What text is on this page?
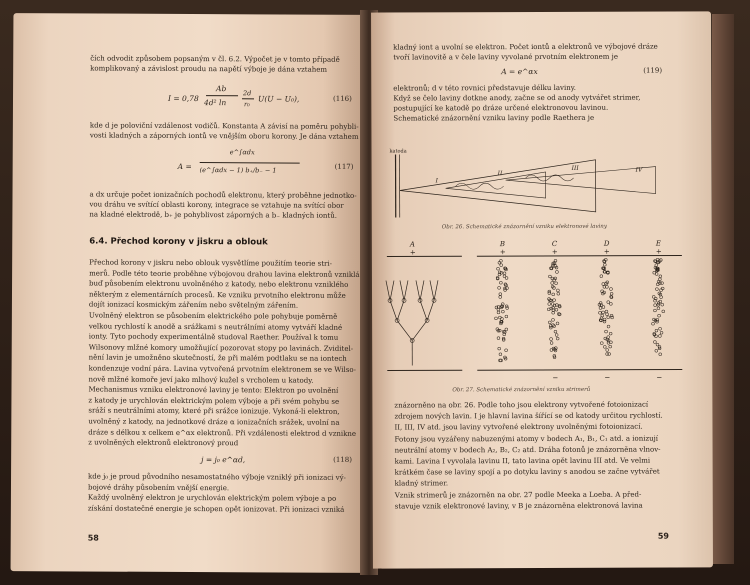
čích odvodit způsobem popsaným v čl. 6.2. Výpočet je v tomto případě
komplikovaný a závislost proudu na napětí výboje je dána vztahem
I = 0,78
Ab
4d² ln
2d
r₀
U(U − U₀),	(116)
kde d je poloviční vzdálenost vodičů. Konstanta A závisí na poměru pohybli-
vosti kladných a záporných iontů ve vnějším oboru korony. Je dána vztahem
A =
e^∫αdx
(e^∫αdx − 1) b₊/b₋ − 1	(117)
a dx určuje počet ionizačních pochodů elektronu, který proběhne jednotko-
vou dráhu ve svítící oblasti korony, integrace se vztahuje na svítící obor
na kladné elektrodě, b₊ je pohyblivost záporných a b₋ kladných iontů.
6.4. Přechod korony v jiskru a oblouk
Přechod korony v jiskru nebo oblouk vysvětlíme použitím teorie stri-
merů. Podle této teorie proběhne výbojovou drahou lavina elektronů vzniklá
buď působením elektronu uvolněného z katody, nebo elektronu vzniklého
některým z elementárních procesů. Ke vzniku prvotního elektronu může
dojít ionizací kosmickým zářením nebo světelným zářením.
Uvolněný elektron se působením elektrického pole pohybuje poměrně
velkou rychlostí k anodě a srážkami s neutrálními atomy vytváří kladné
ionty. Tyto pochody experimentálně studoval Raether. Používal k tomu
Wilsonovy mlžné komory umožňující pozorovat stopy po lavinách. Zviditel-
nění lavin je umožněno skutečností, že při malém podtlaku se na iontech
kondenzuje vodní pára. Lavina vytvořená prvotním elektronem se ve Wilso-
nově mlžné komoře jeví jako mlhový kužel s vrcholem u katody.
Mechanismus vzniku elektronové laviny je tento: Elektron po uvolnění
z katody je urychlován elektrickým polem výboje a při svém pohybu se
sráží s neutrálními atomy, které při srážce ionizuje. Vykoná-li elektron,
uvolněný z katody, na jednotkové dráze α ionizačních srážek, uvolní na
dráze s délkou x celkem e^αx elektronů. Při vzdálenosti elektrod d vznikne
z uvolněných elektronů elektronový proud
j = j₀ e^αd,	(118)
kde j₀ je proud původního nesamostatného výboje vzniklý při ionizaci vý-
bojové dráhy působením vnější energie.
Každý uvolněný elektron je urychlován elektrickým polem výboje a po
získání dostatečné energie je schopen opět ionizovat. Při ionizaci vzniká
58
kladný iont a uvolní se elektron. Počet iontů a elektronů ve výbojové dráze
tvoří lavinovitě a v čele laviny vyvolané prvotním elektronem je
A = e^αx	(119)
elektronů; d v této rovnici představuje délku laviny.
Když se čelo laviny dotkne anody, začne se od anody vytvářet strimer,
postupující ke katodě po dráze určené elektronovou lavinou.
Schematické znázornění vzniku laviny podle Raethera je
katoda
I
II
III	IV
Obr. 26. Schematické znázornění vzniku elektronové laviny
A
+
B
+
C
+
D
+
E
+
−	−	−
Obr. 27. Schematické znázornění vzniku strimerů
znázorněno na obr. 26. Podle toho jsou elektrony vytvořené fotoionizací
zdrojem nových lavin. I je hlavní lavina šířící se od katody určitou rychlostí.
II, III, IV atd. jsou laviny vytvořené elektrony uvolněnými fotoionizací.
Fotony jsou vyzářeny nabuzenými atomy v bodech A₁, B₁, C₁ atd. a ionizují
neutrální atomy v bodech A₂, B₂, C₂ atd. Dráha fotonů je znázorněna vlnov-
kami. Lavina I vyvolala lavinu II, tato lavina opět lavinu III atd. Ve velmi
krátkém čase se laviny spojí a po dotyku laviny s anodou se začne vytvářet
kladný strimer.
Vznik strimerů je znázorněn na obr. 27 podle Meeka a Loeba. A před-
stavuje vznik elektronové laviny, v B je znázorněna elektronová lavina
59
